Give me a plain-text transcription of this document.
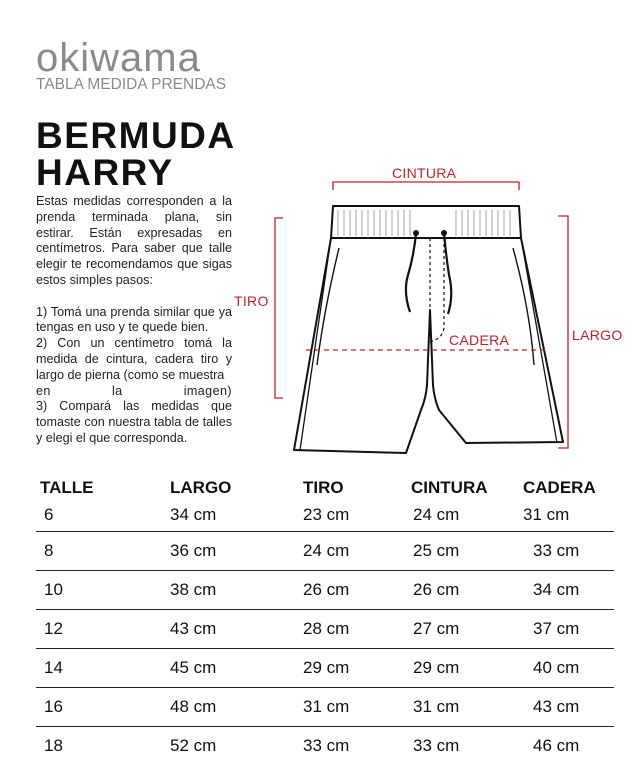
okiwama
TABLA MEDIDA PRENDAS
BERMUDA
HARRY

Estas medidas corresponden a la prenda terminada plana, sin estirar. Están expresadas en centímetros. Para saber que talle elegir te recomendamos que sigas estos simples pasos:

1) Tomá una prenda similar que ya tengas en uso y te quede bien.

2) Con un centímetro tomá la medida de cintura, cadera tiro y largo de pierna (como se muestra

en la imagen)

3) Compará las medidas que tomaste con nuestra tabla de talles y elegi el que corresponda.

CINTURA
TIRO
CADERA	LARGO
TALLE	LARGO	TIRO	CINTURA	CADERA
6	34 cm	23 cm	24 cm	31 cm
8	36 cm	24 cm	25 cm	33 cm
10	38 cm	26 cm	26 cm	34 cm
12	43 cm	28 cm	27 cm	37 cm
14	45 cm	29 cm	29 cm	40 cm
16	48 cm	31 cm	31 cm	43 cm
18	52 cm	33 cm	33 cm	46 cm
